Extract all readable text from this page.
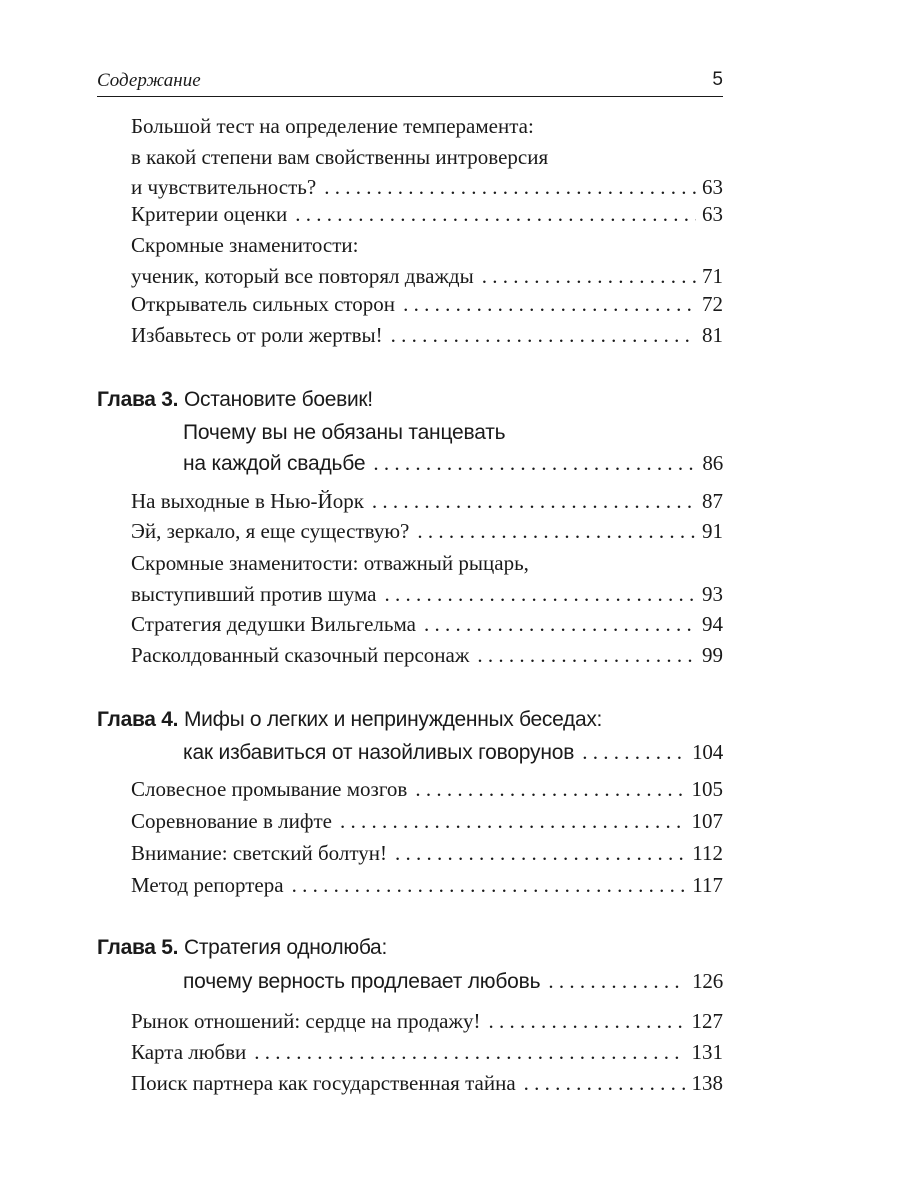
Содержание	5
Большой тест на определение темперамента:
в какой степени вам свойственны интроверсия
и чувствительность? . . .	63
Критерии оценки . . .	63
Скромные знаменитости:
ученик, который все повторял дважды . . .	71
Открыватель сильных сторон . . .	72
Избавьтесь от роли жертвы! . . .	81
Глава 3. Остановите боевик!
Почему вы не обязаны танцевать
на каждой свадьбе . . .	86
На выходные в Нью-Йорк . . .	87
Эй, зеркало, я еще существую? . . .	91
Скромные знаменитости: отважный рыцарь,
выступивший против шума . . .	93
Стратегия дедушки Вильгельма . . .	94
Расколдованный сказочный персонаж . . .	99
Глава 4. Мифы о легких и непринужденных беседах:
как избавиться от назойливых говорунов . . .	104
Словесное промывание мозгов . . .	105
Соревнование в лифте . . .	107
Внимание: светский болтун! . . .	112
Метод репортера . . .	117
Глава 5. Стратегия однолюба:
почему верность продлевает любовь . . .	126
Рынок отношений: сердце на продажу! . . .	127
Карта любви . . .	131
Поиск партнера как государственная тайна . . .	138
